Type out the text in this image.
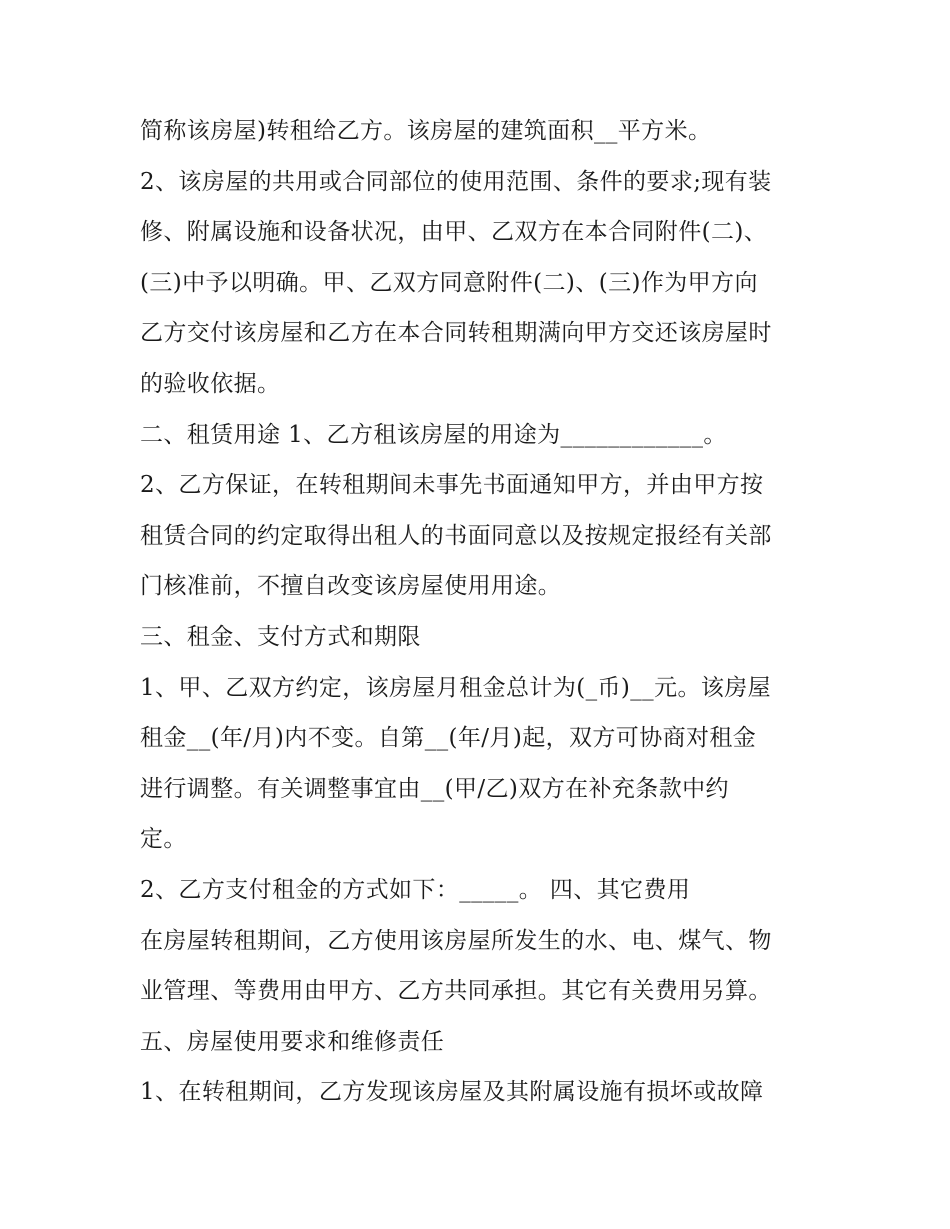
简称该房屋)转租给乙方。该房屋的建筑面积__平方米。
2、该房屋的共用或合同部位的使用范围、条件的要求;现有装
修、附属设施和设备状况，由甲、乙双方在本合同附件(二)、
(三)中予以明确。甲、乙双方同意附件(二)、(三)作为甲方向
乙方交付该房屋和乙方在本合同转租期满向甲方交还该房屋时
的验收依据。
二、租赁用途 1、乙方租该房屋的用途为____________。
2、乙方保证，在转租期间未事先书面通知甲方，并由甲方按
租赁合同的约定取得出租人的书面同意以及按规定报经有关部
门核准前，不擅自改变该房屋使用用途。
三、租金、支付方式和期限
1、甲、乙双方约定，该房屋月租金总计为(_币)__元。该房屋
租金__(年/月)内不变。自第__(年/月)起，双方可协商对租金
进行调整。有关调整事宜由__(甲/乙)双方在补充条款中约
定。
2、乙方支付租金的方式如下：_____。 四、其它费用
在房屋转租期间，乙方使用该房屋所发生的水、电、煤气、物
业管理、等费用由甲方、乙方共同承担。其它有关费用另算。
五、房屋使用要求和维修责任
1、在转租期间，乙方发现该房屋及其附属设施有损坏或故障
